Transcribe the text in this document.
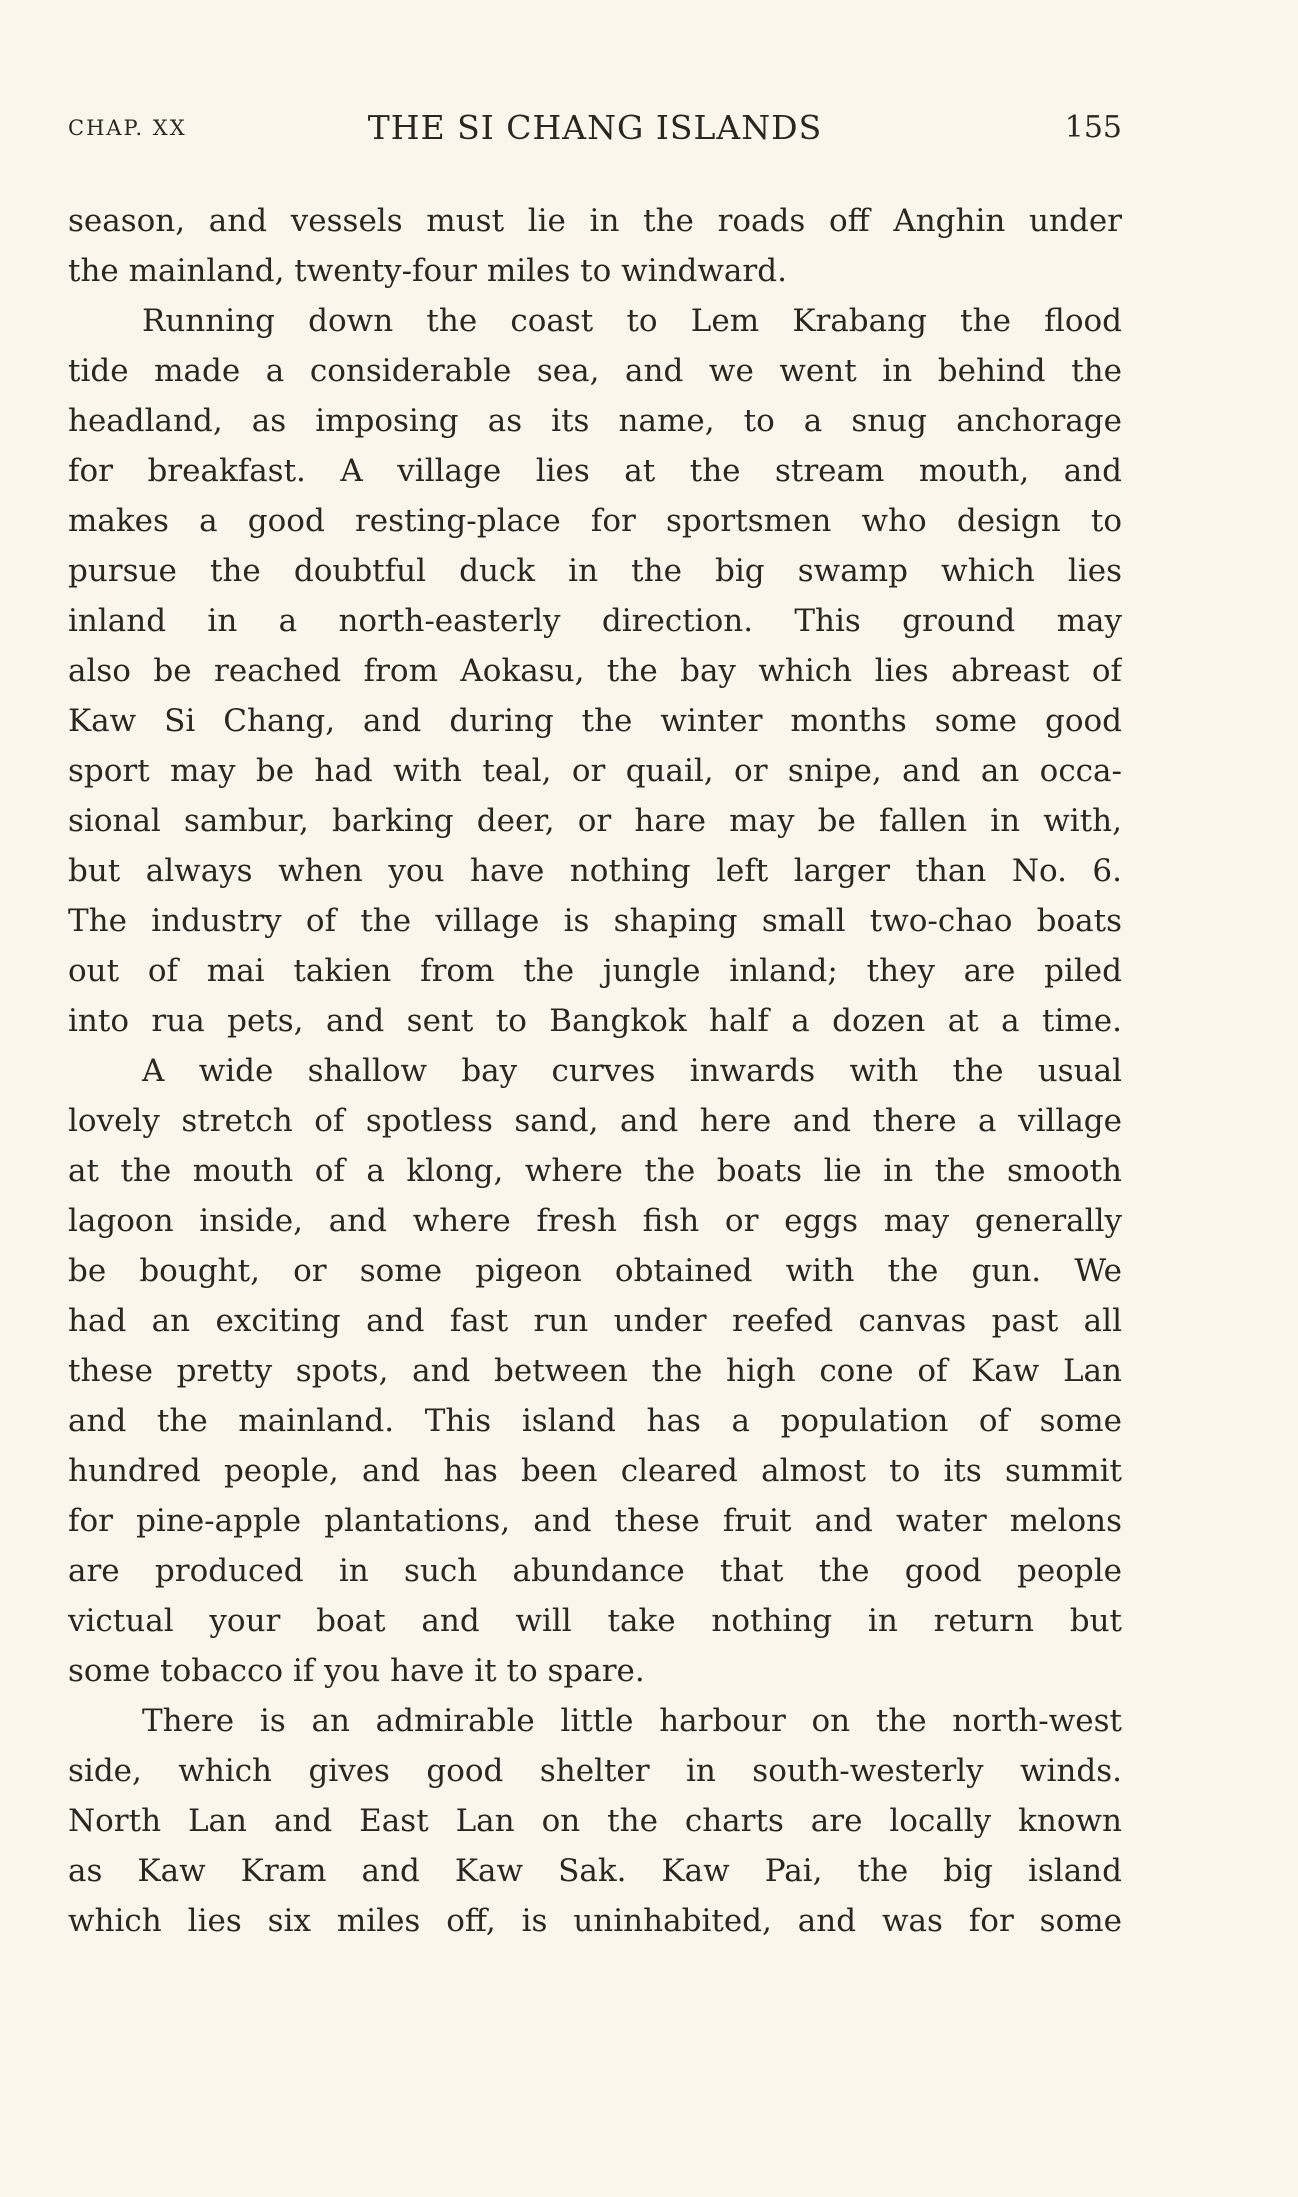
CHAP. XX	THE SI CHANG ISLANDS	155
season, and vessels must lie in the roads off Anghin under
the mainland, twenty-four miles to windward.
Running down the coast to Lem Krabang the flood
tide made a considerable sea, and we went in behind the
headland, as imposing as its name, to a snug anchorage
for breakfast. A village lies at the stream mouth, and
makes a good resting-place for sportsmen who design to
pursue the doubtful duck in the big swamp which lies
inland in a north-easterly direction. This ground may
also be reached from Aokasu, the bay which lies abreast of
Kaw Si Chang, and during the winter months some good
sport may be had with teal, or quail, or snipe, and an occa-
sional sambur, barking deer, or hare may be fallen in with,
but always when you have nothing left larger than No. 6.
The industry of the village is shaping small two-chao boats
out of mai takien from the jungle inland; they are piled
into rua pets, and sent to Bangkok half a dozen at a time.
A wide shallow bay curves inwards with the usual
lovely stretch of spotless sand, and here and there a village
at the mouth of a klong, where the boats lie in the smooth
lagoon inside, and where fresh fish or eggs may generally
be bought, or some pigeon obtained with the gun. We
had an exciting and fast run under reefed canvas past all
these pretty spots, and between the high cone of Kaw Lan
and the mainland. This island has a population of some
hundred people, and has been cleared almost to its summit
for pine-apple plantations, and these fruit and water melons
are produced in such abundance that the good people
victual your boat and will take nothing in return but
some tobacco if you have it to spare.
There is an admirable little harbour on the north-west
side, which gives good shelter in south-westerly winds.
North Lan and East Lan on the charts are locally known
as Kaw Kram and Kaw Sak. Kaw Pai, the big island
which lies six miles off, is uninhabited, and was for some
